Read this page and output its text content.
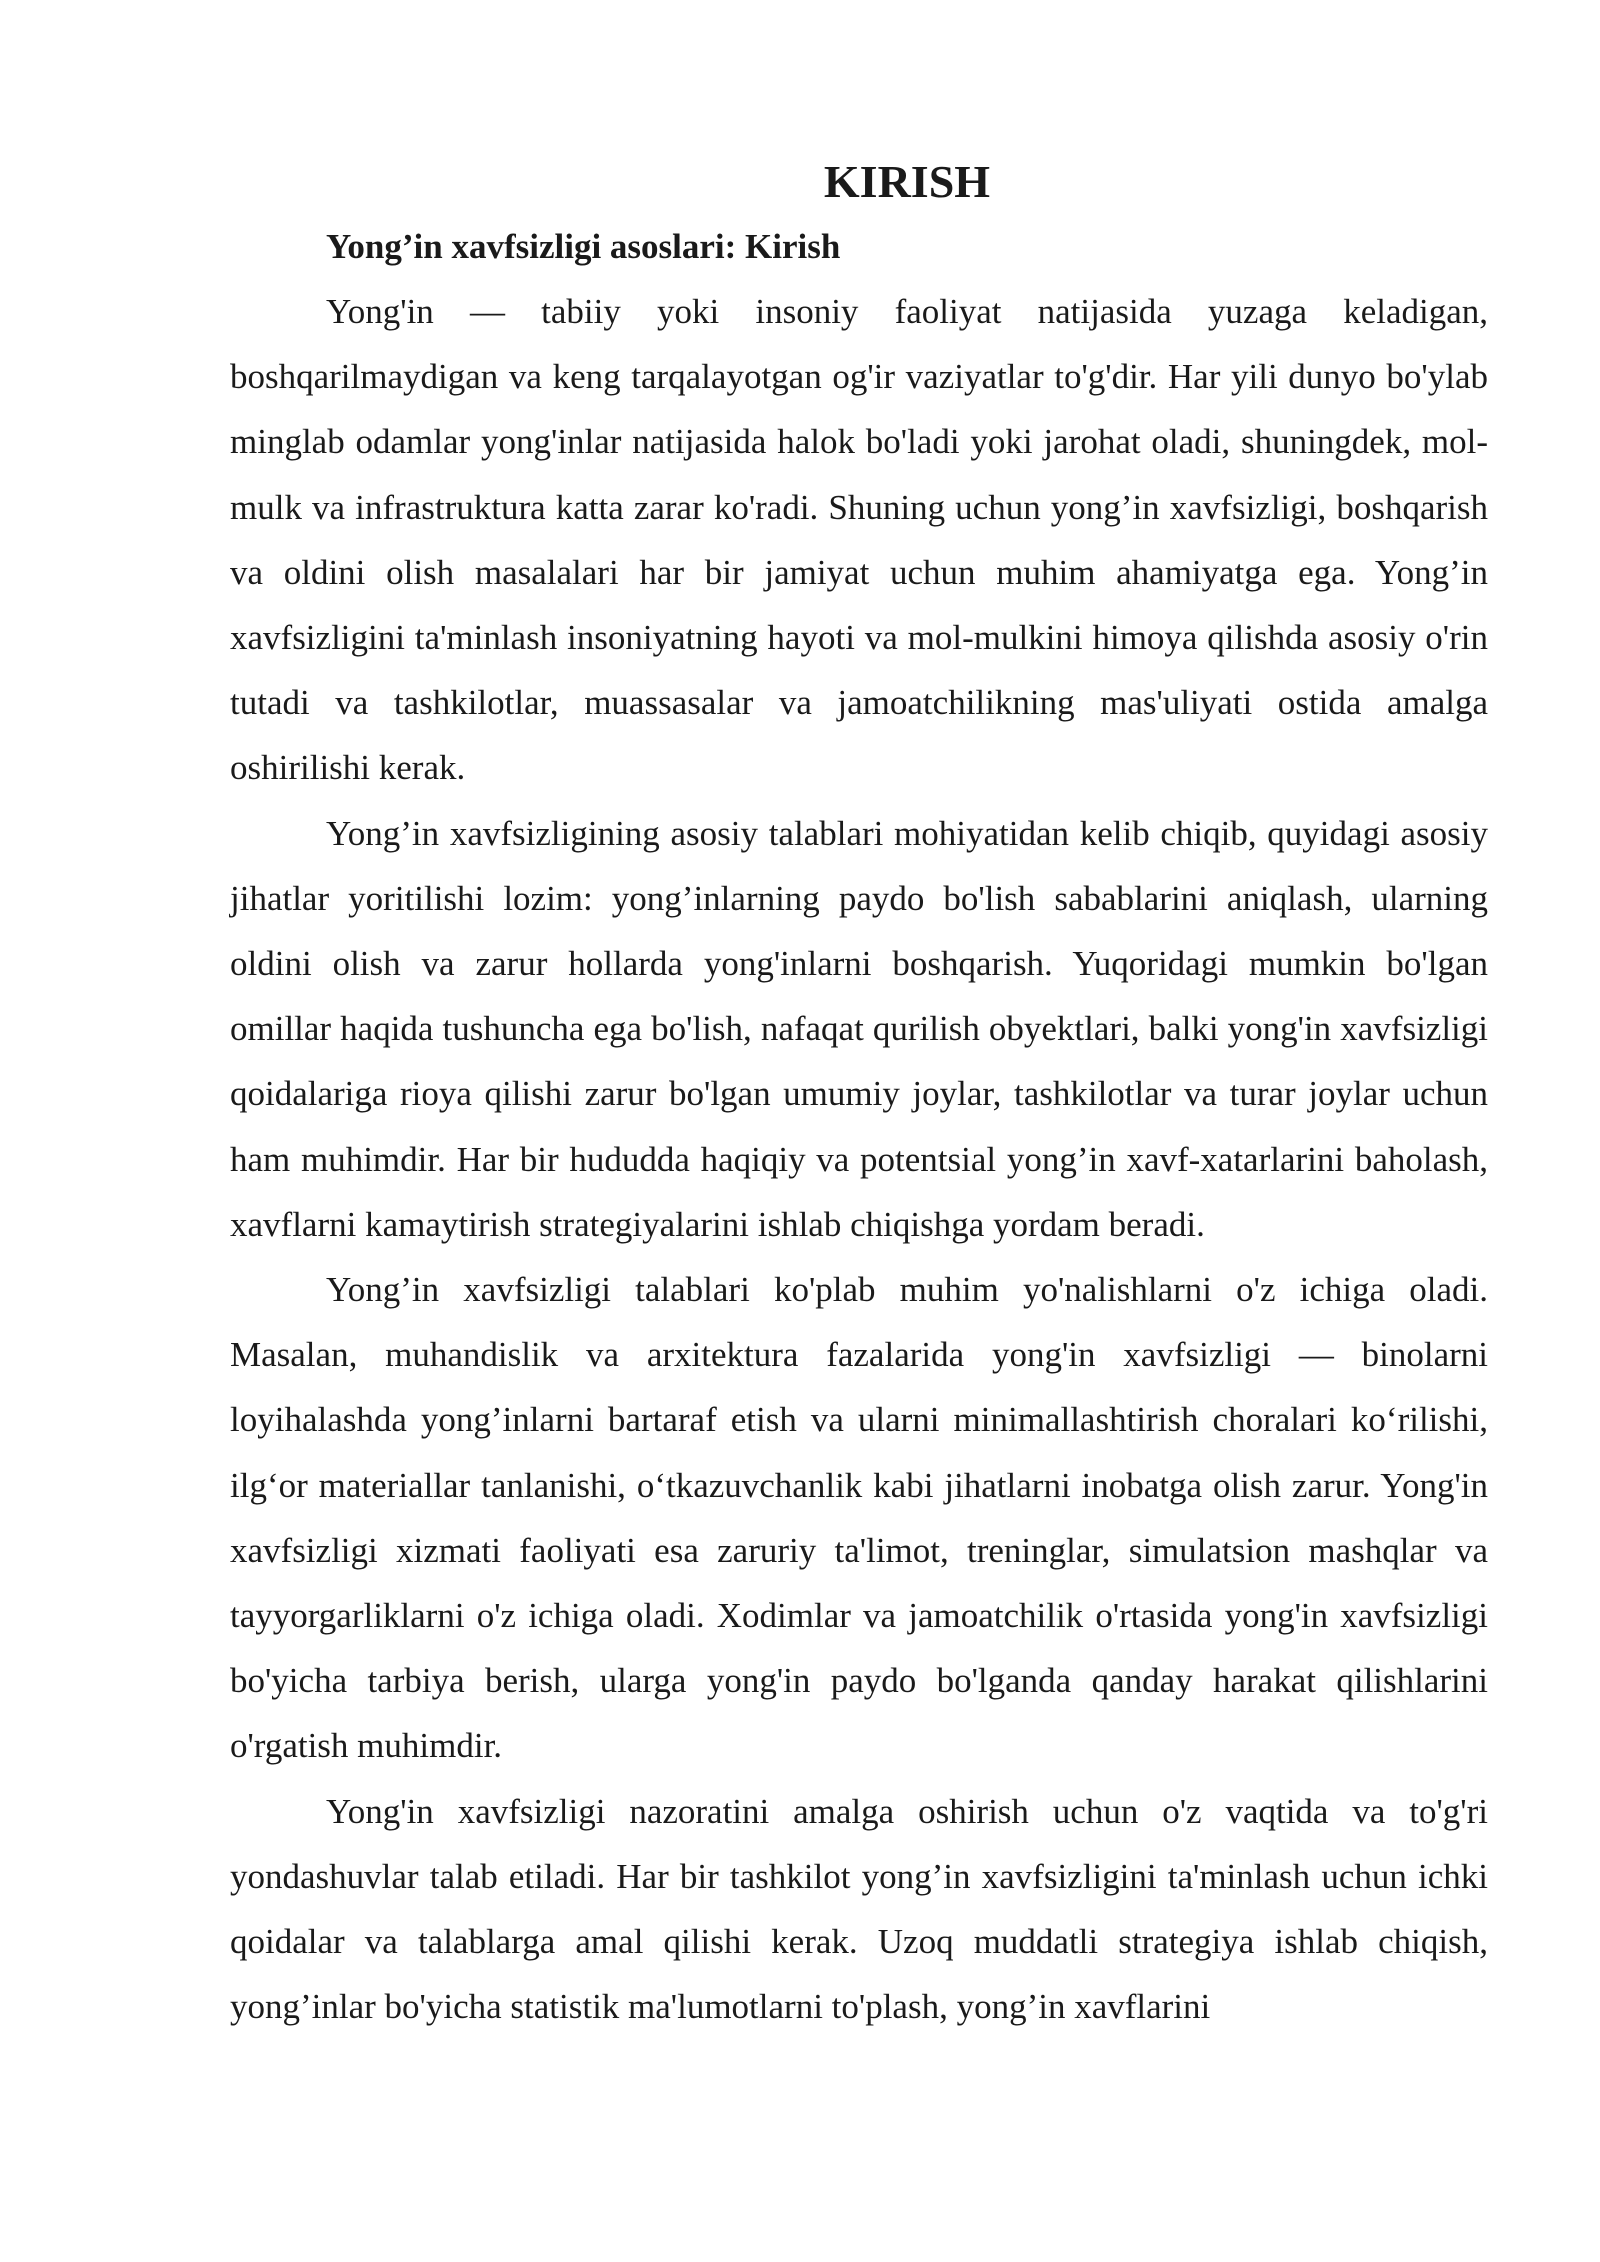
KIRISH

Yong’in xavfsizligi asoslari: Kirish

Yong'in — tabiiy yoki insoniy faoliyat natijasida yuzaga keladigan, boshqarilmaydigan va keng tarqalayotgan og'ir vaziyatlar to'g'dir. Har yili dunyo bo'ylab minglab odamlar yong'inlar natijasida halok bo'ladi yoki jarohat oladi, shuningdek, mol-mulk va infrastruktura katta zarar ko'radi. Shuning uchun yong’in xavfsizligi, boshqarish va oldini olish masalalari har bir jamiyat uchun muhim ahamiyatga ega. Yong’in xavfsizligini ta'minlash insoniyatning hayoti va mol-mulkini himoya qilishda asosiy o'rin tutadi va tashkilotlar, muassasalar va jamoatchilikning mas'uliyati ostida amalga oshirilishi kerak.

Yong’in xavfsizligining asosiy talablari mohiyatidan kelib chiqib, quyidagi asosiy jihatlar yoritilishi lozim: yong’inlarning paydo bo'lish sabablarini aniqlash, ularning oldini olish va zarur hollarda yong'inlarni boshqarish. Yuqoridagi mumkin bo'lgan omillar haqida tushuncha ega bo'lish, nafaqat qurilish obyektlari, balki yong'in xavfsizligi qoidalariga rioya qilishi zarur bo'lgan umumiy joylar, tashkilotlar va turar joylar uchun ham muhimdir. Har bir hududda haqiqiy va potentsial yong’in xavf-xatarlarini baholash, xavflarni kamaytirish strategiyalarini ishlab chiqishga yordam beradi.

Yong’in xavfsizligi talablari ko'plab muhim yo'nalishlarni o'z ichiga oladi. Masalan, muhandislik va arxitektura fazalarida yong'in xavfsizligi — binolarni loyihalashda yong’inlarni bartaraf etish va ularni minimallashtirish choralari ko‘rilishi, ilg‘or materiallar tanlanishi, o‘tkazuvchanlik kabi jihatlarni inobatga olish zarur. Yong'in xavfsizligi xizmati faoliyati esa zaruriy ta'limot, treninglar, simulatsion mashqlar va tayyorgarliklarni o'z ichiga oladi. Xodimlar va jamoatchilik o'rtasida yong'in xavfsizligi bo'yicha tarbiya berish, ularga yong'in paydo bo'lganda qanday harakat qilishlarini o'rgatish muhimdir.

Yong'in xavfsizligi nazoratini amalga oshirish uchun o'z vaqtida va to'g'ri yondashuvlar talab etiladi. Har bir tashkilot yong’in xavfsizligini ta'minlash uchun ichki qoidalar va talablarga amal qilishi kerak. Uzoq muddatli strategiya ishlab chiqish, yong’inlar bo'yicha statistik ma'lumotlarni to'plash, yong’in xavflarini
